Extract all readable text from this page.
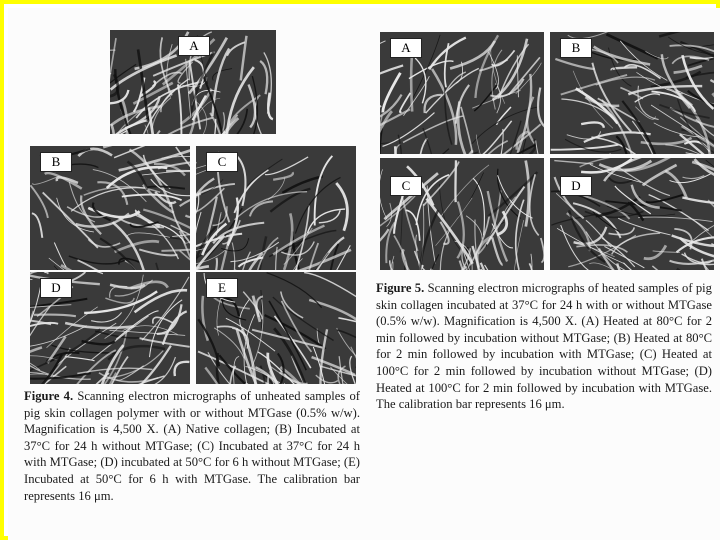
A
B	C
D	E
Figure 4. Scanning electron micrographs of unheated samples of pig skin collagen polymer with or without MTGase (0.5% w/w). Magnification is 4,500 X. (A) Native collagen; (B) Incubated at 37°C for 24 h without MTGase; (C) Incubated at 37°C for 24 h with MTGase; (D) incubated at 50°C for 6 h without MTGase; (E) Incubated at 50°C for 6 h with MTGase. The calibration bar represents 16 μm.
A	B
C	D
Figure 5. Scanning electron micrographs of heated samples of pig skin collagen incubated at 37°C for 24 h with or without MTGase (0.5% w/w). Magnification is 4,500 X. (A) Heated at 80°C for 2 min followed by incubation without MTGase; (B) Heated at 80°C for 2 min followed by incubation with MTGase; (C) Heated at 100°C for 2 min followed by incubation without MTGase; (D) Heated at 100°C for 2 min followed by incubation with MTGase. The calibration bar represents 16 μm.
